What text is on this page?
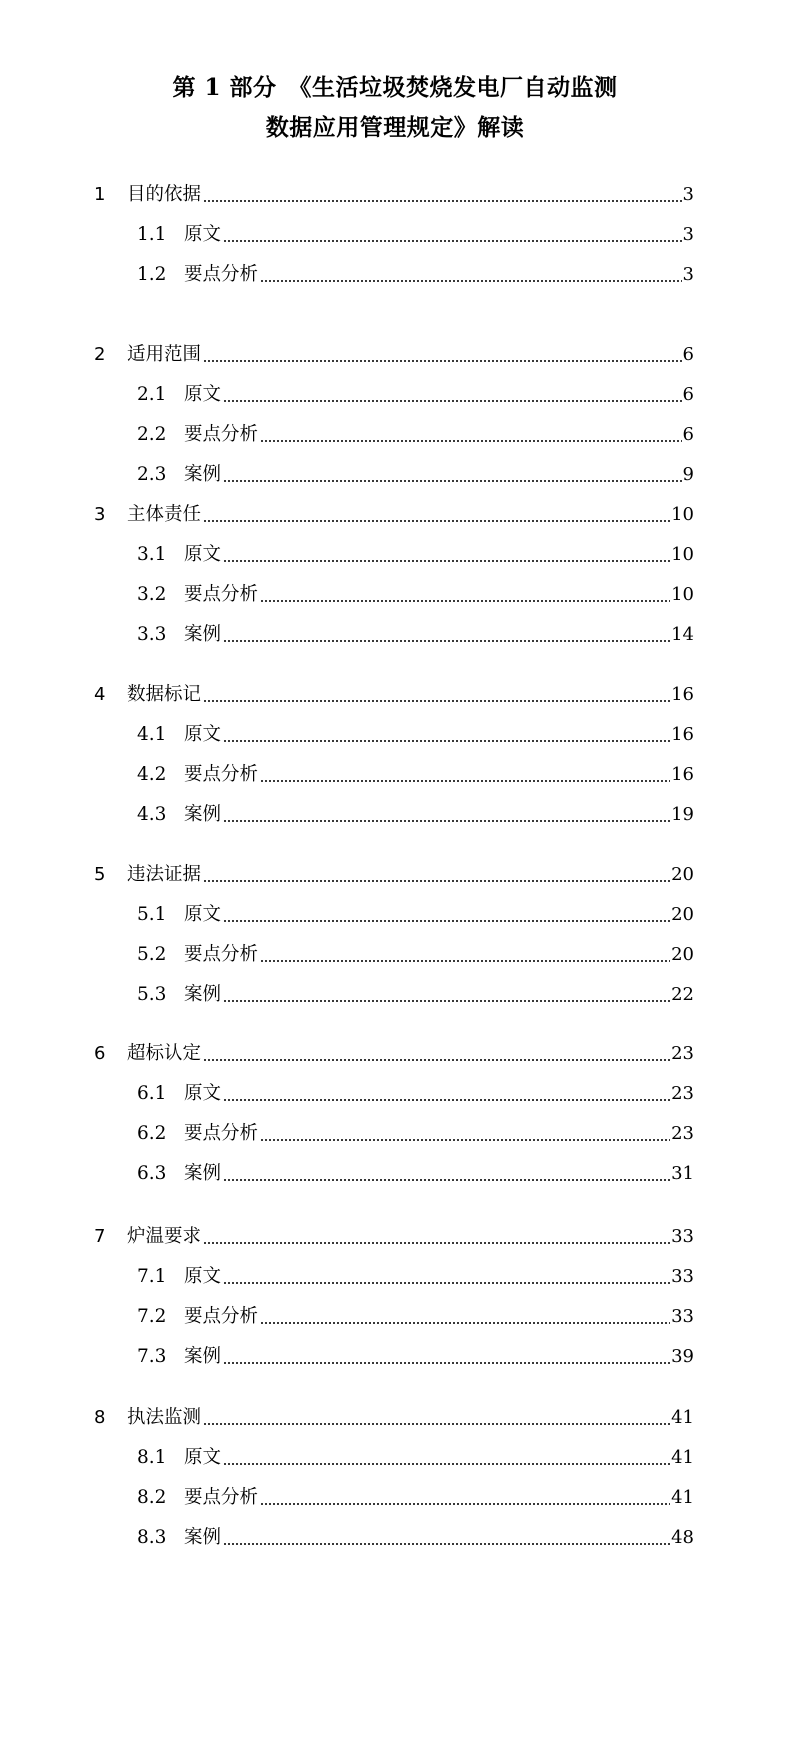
第 1 部分　《生活垃圾焚烧发电厂自动监测
数据应用管理规定》解读
1	目的依据	3
1.1 原文	3
1.2 要点分析	3
2	适用范围	6
2.1 原文	6
2.2 要点分析	6
2.3 案例	9
3	主体责任	10
3.1 原文	10
3.2 要点分析	10
3.3 案例	14
4	数据标记	16
4.1 原文	16
4.2 要点分析	16
4.3 案例	19
5	违法证据	20
5.1 原文	20
5.2 要点分析	20
5.3 案例	22
6	超标认定	23
6.1 原文	23
6.2 要点分析	23
6.3 案例	31
7	炉温要求	33
7.1 原文	33
7.2 要点分析	33
7.3 案例	39
8	执法监测	41
8.1 原文	41
8.2 要点分析	41
8.3 案例	48
